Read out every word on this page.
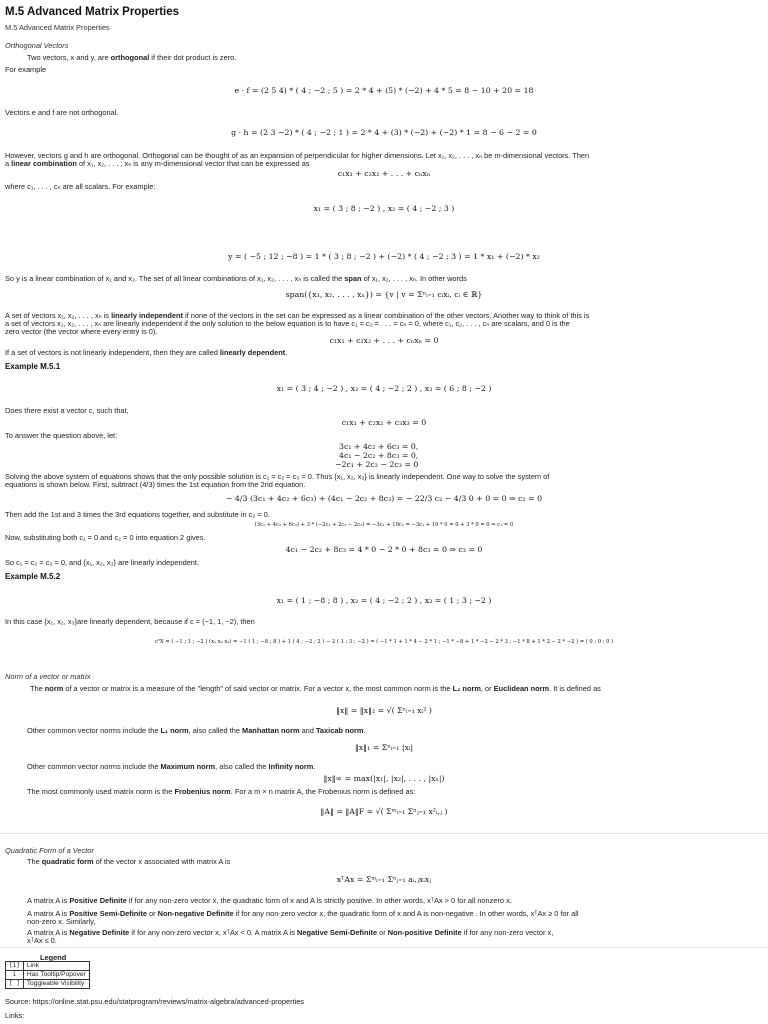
M.5 Advanced Matrix Properties
M.5 Advanced Matrix Properties
Orthogonal Vectors
Two vectors, x and y, are orthogonal if their dot product is zero.
For example
e · f = (2 5 4) * ( 4 ; −2 ; 5 ) = 2 * 4 + (5) * (−2) + 4 * 5 = 8 − 10 + 20 = 18
Vectors e and f are not orthogonal.
g · h = (2 3 −2) * ( 4 ; −2 ; 1 ) = 2 * 4 + (3) * (−2) + (−2) * 1 = 8 − 6 − 2 = 0
However, vectors g and h are orthogonal. Orthogonal can be thought of as an expansion of perpendicular for higher dimensions. Let x₁, x₂, . . . , xₙ be m-dimensional vectors. Then
a linear combination of x₁, x₂, . . . , xₙ is any m-dimensional vector that can be expressed as
c₁x₁ + c₂x₂ + . . . + cₙxₙ
where c₁, . . . , cₙ are all scalars. For example:
x₁ = ( 3 ; 8 ; −2 ) , x₂ = ( 4 ; −2 ; 3 )
y = ( −5 ; 12 ; −8 ) = 1 * ( 3 ; 8 ; −2 ) + (−2) * ( 4 ; −2 ; 3 ) = 1 * x₁ + (−2) * x₂
So y is a linear combination of x₁ and x₂. The set of all linear combinations of x₁, x₂, . . . , xₙ is called the span of x₁, x₂, . . . , xₙ. In other words
span({x₁, x₂, . . . , xₙ}) = {v | v = Σⁿᵢ₌₁ cᵢxᵢ, cᵢ ∈ ℝ}
A set of vectors x₁, x₂, . . . , xₙ is linearly independent if none of the vectors in the set can be expressed as a linear combination of the other vectors. Another way to think of this is
a set of vectors x₁, x₂, . . . , xₙ are linearly independent if the only solution to the below equation is to have c₁ = c₂ = . . . = cₙ = 0, where c₁, c₂, . . . , cₙ are scalars, and 0 is the
zero vector (the vector where every entry is 0).
c₁x₁ + c₂x₂ + . . . + cₙxₙ = 0
If a set of vectors is not linearly independent, then they are called linearly dependent.
Example M.5.1
x₁ = ( 3 ; 4 ; −2 ) , x₂ = ( 4 ; −2 ; 2 ) , x₃ = ( 6 ; 8 ; −2 )
Does there exist a vector c, such that,
c₁x₁ + c₂x₂ + c₃x₃ = 0
To answer the question above, let:
3c₁ + 4c₂ + 6c₃ = 0,
4c₁ − 2c₂ + 8c₃ = 0,
−2c₁ + 2c₂ − 2c₃ = 0
Solving the above system of equations shows that the only possible solution is c₁ = c₂ = c₃ = 0. Thus {x₁, x₂, x₃} is linearly independent. One way to solve the system of
equations is shown below. First, subtract (4/3) times the 1st equation from the 2nd equation.
− 4/3 (3c₁ + 4c₂ + 6c₃) + (4c₁ − 2c₂ + 8c₃) = − 22/3 c₂ − 4/3 0 + 0 = 0 ⇒ c₂ = 0
Then add the 1st and 3 times the 3rd equations together, and substitute in c₂ = 0.
(3c₁ + 4c₂ + 6c₃) + 3 * (−2c₁ + 2c₂ − 2c₃) = −3c₁ + 10c₂ = −3c₁ + 10 * 0 = 0 + 3 * 0 = 0 ⇒ c₁ = 0
Now, substituting both c₁ = 0 and c₂ = 0 into equation 2 gives.
4c₁ − 2c₂ + 8c₃ = 4 * 0 − 2 * 0 + 8c₃ = 0 ⇒ c₃ = 0
So c₁ = c₂ = c₃ = 0, and {x₁, x₂, x₃} are linearly independent.
Example M.5.2
x₁ = ( 1 ; −8 ; 8 ) , x₂ = ( 4 ; −2 ; 2 ) , x₃ = ( 1 ; 3 ; −2 )
In this case {x₁, x₂, x₃}are linearly dependent, because if c = (−1, 1, −2), then
cᵀX = ( −1 ; 1 ; −2 ) (x₁ x₂ x₃) = −1 ( 1 ; −8 ; 8 ) + 1 ( 4 ; −2 ; 2 ) − 2 ( 1 ; 3 ; −2 ) = ( −1 * 1 + 1 * 4 − 2 * 1 ; −1 * −8 + 1 * −2 − 2 * 3 ; −1 * 8 + 1 * 2 − 2 * −2 ) = ( 0 ; 0 ; 0 )
Norm of a vector or matrix
The norm of a vector or matrix is a measure of the "length" of said vector or matrix. For a vector x, the most common norm is the L₂ norm, or Euclidean norm. It is defined as
‖x‖ = ‖x‖₂ = √( Σⁿᵢ₌₁ xᵢ² )
Other common vector norms include the L₁ norm, also called the Manhattan norm and Taxicab norm.
‖x‖₁ = Σⁿᵢ₌₁ |xᵢ|
Other common vector norms include the Maximum norm, also called the Infinity norm.
‖x‖∞ = max(|x₁|, |x₂|, . . . , |xₙ|)
The most commonly used matrix norm is the Frobenius norm. For a m × n matrix A, the Frobenius norm is defined as:
‖A‖ = ‖A‖F = √( Σᵐᵢ₌₁ Σⁿⱼ₌₁ x²ᵢ,ⱼ )
Quadratic Form of a Vector
The quadratic form of the vector x associated with matrix A is
xᵀAx = Σᵐᵢ₌₁ Σⁿⱼ₌₁ aᵢ,ⱼxᵢxⱼ
A matrix A is Positive Definite if for any non-zero vector x, the quadratic form of x and A is strictly positive. In other words, xᵀAx > 0 for all nonzero x.
A matrix A is Positive Semi-Definite or Non-negative Definite if for any non-zero vector x, the quadratic form of x and A is non-negative . In other words, xᵀAx ≥ 0 for all
non-zero x. Similarly,
A matrix A is Negative Definite if for any non-zero vector x, xᵀAx < 0. A matrix A is Negative Semi-Definite or Non-positive Definite if for any non-zero vector x,
xᵀAx ≤ 0.
Legend
[1]	Link
i	Has Tooltip/Popover
[ ]	Toggleable Visibility
Source: https://online.stat.psu.edu/statprogram/reviews/matrix-algebra/advanced-properties
Links:
